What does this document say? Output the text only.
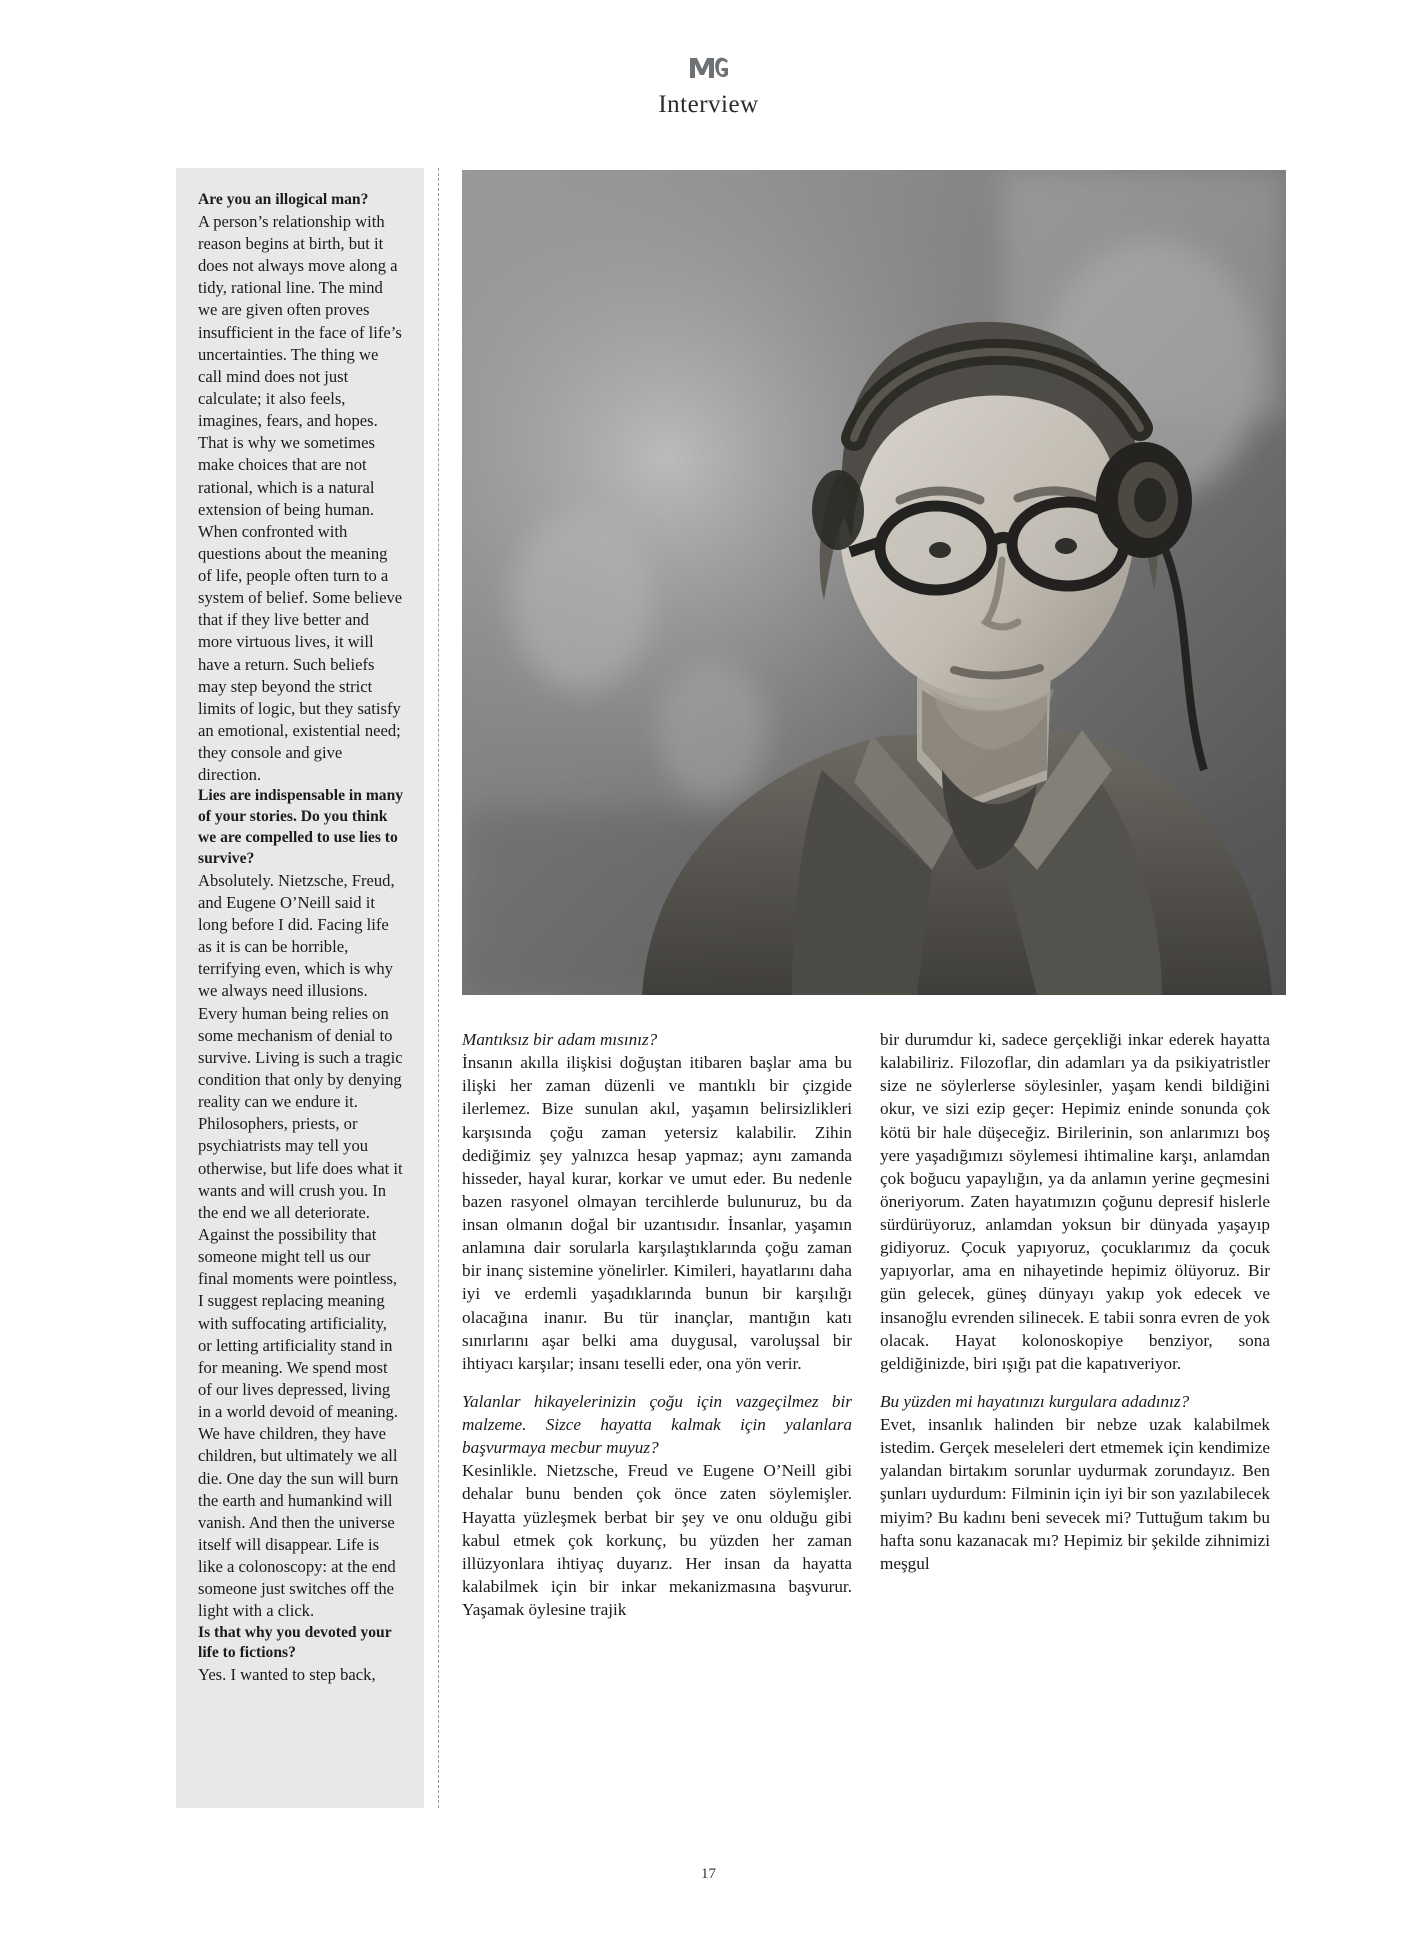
Interview

Are you an illogical man?

A person’s relationship with reason begins at birth, but it does not always move along a tidy, rational line. The mind we are given often proves insufficient in the face of life’s uncertainties. The thing we call mind does not just calculate; it also feels, imagines, fears, and hopes. That is why we sometimes make choices that are not rational, which is a natural extension of being human. When confronted with questions about the meaning of life, people often turn to a system of belief. Some believe that if they live better and more virtuous lives, it will have a return. Such beliefs may step beyond the strict limits of logic, but they satisfy an emotional, existential need; they console and give direction.

Lies are indispensable in many of your stories. Do you think we are compelled to use lies to survive?

Absolutely. Nietzsche, Freud, and Eugene O’Neill said it long before I did. Facing life as it is can be horrible, terrifying even, which is why we always need illusions. Every human being relies on some mechanism of denial to survive. Living is such a tragic condition that only by denying reality can we endure it. Philosophers, priests, or psychiatrists may tell you otherwise, but life does what it wants and will crush you. In the end we all deteriorate. Against the possibility that someone might tell us our final moments were pointless, I suggest replacing meaning with suffocating artificiality, or letting artificiality stand in for meaning. We spend most of our lives depressed, living in a world devoid of meaning. We have children, they have children, but ultimately we all die. One day the sun will burn the earth and humankind will vanish. And then the universe itself will disappear. Life is like a colonoscopy: at the end someone just switches off the light with a click.

Is that why you devoted your life to fictions?

Yes. I wanted to step back,

Mantıksız bir adam mısınız?
İnsanın akılla ilişkisi doğuştan itibaren başlar ama bu ilişki her zaman düzenli ve mantıklı bir çizgide ilerlemez. Bize sunulan akıl, yaşamın belirsizlikleri karşısında çoğu zaman yetersiz kalabilir. Zihin dediğimiz şey yalnızca hesap yapmaz; aynı zamanda hisseder, hayal kurar, korkar ve umut eder. Bu nedenle bazen rasyonel olmayan tercihlerde bulunuruz, bu da insan olmanın doğal bir uzantısıdır. İnsanlar, yaşamın anlamına dair sorularla karşılaştıklarında çoğu zaman bir inanç sistemine yönelirler. Kimileri, hayatlarını daha iyi ve erdemli yaşadıklarında bunun bir karşılığı olacağına inanır. Bu tür inançlar, mantığın katı sınırlarını aşar belki ama duygusal, varoluşsal bir ihtiyacı karşılar; insanı teselli eder, ona yön verir.

Yalanlar hikayelerinizin çoğu için vazgeçilmez bir malzeme. Sizce hayatta kalmak için yalanlara başvurmaya mecbur muyuz?
Kesinlikle. Nietzsche, Freud ve Eugene O’Neill gibi dehalar bunu benden çok önce zaten söylemişler. Hayatta yüzleşmek berbat bir şey ve onu olduğu gibi kabul etmek çok korkunç, bu yüzden her zaman illüzyonlara ihtiyaç duyarız. Her insan da hayatta kalabilmek için bir inkar mekanizmasına başvurur. Yaşamak öylesine trajik

bir durumdur ki, sadece gerçekliği inkar ederek hayatta kalabiliriz. Filozoflar, din adamları ya da psikiyatristler size ne söylerlerse söylesinler, yaşam kendi bildiğini okur, ve sizi ezip geçer: Hepimiz eninde sonunda çok kötü bir hale düşeceğiz. Birilerinin, son anlarımızı boş yere yaşadığımızı söylemesi ihtimaline karşı, anlamdan çok boğucu yapaylığın, ya da anlamın yerine geçmesini öneriyorum. Zaten hayatımızın çoğunu depresif hislerle sürdürüyoruz, anlamdan yoksun bir dünyada yaşayıp gidiyoruz. Çocuk yapıyoruz, çocuklarımız da çocuk yapıyorlar, ama en nihayetinde hepimiz ölüyoruz. Bir gün gelecek, güneş dünyayı yakıp yok edecek ve insanoğlu evrenden silinecek. E tabii sonra evren de yok olacak. Hayat kolonoskopiye benziyor, sona geldiğinizde, biri ışığı pat die kapatıveriyor.

Bu yüzden mi hayatınızı kurgulara adadınız?
Evet, insanlık halinden bir nebze uzak kalabilmek istedim. Gerçek meseleleri dert etmemek için kendimize yalandan birtakım sorunlar uydurmak zorundayız. Ben şunları uydurdum: Filminin için iyi bir son yazılabilecek miyim? Bu kadını beni sevecek mi? Tuttuğum takım bu hafta sonu kazanacak mı? Hepimiz bir şekilde zihnimizi meşgul

17
